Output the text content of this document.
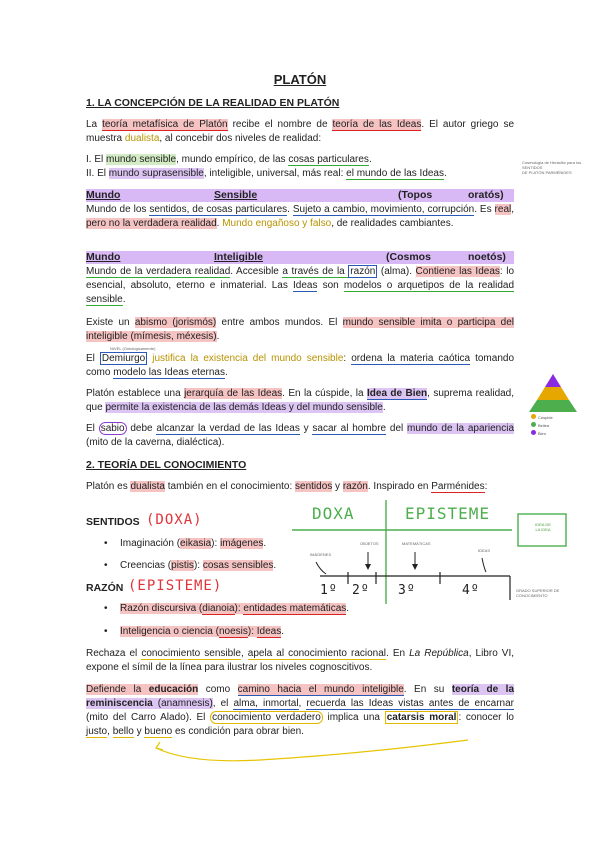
PLATÓN
1. LA CONCEPCIÓN DE LA REALIDAD EN PLATÓN
La teoría metafísica de Platón recibe el nombre de teoría de las Ideas. El autor griego se muestra dualista, al concebir dos niveles de realidad:
I. El mundo sensible, mundo empírico, de las cosas particulares.
II. El mundo suprasensible, inteligible, universal, más real: el mundo de las Ideas.
Cosmología de Heráclito para los SENTIDOS
DE PLATÓN PARMÉNIDES
Mundo	Sensible	(Topos	oratós)
Mundo de los sentidos, de cosas particulares. Sujeto a cambio, movimiento, corrupción. Es real, pero no la verdadera realidad. Mundo engañoso y falso, de realidades cambiantes.
Mundo	Inteligible	(Cosmos	noetós)
Mundo de la verdadera realidad. Accesible a través de la razón (alma). Contiene las Ideas: lo esencial, absoluto, eterno e inmaterial. Las Ideas son modelos o arquetipos de la realidad sensible.
Existe un abismo (jorismós) entre ambos mundos. El mundo sensible imita o participa del inteligible (mímesis, méxesis).
NIVEL (Ontológicamente)
El Demiurgo justifica la existencia del mundo sensible: ordena la materia caótica tomando como modelo las Ideas eternas.
Platón establece una jerarquía de las Ideas. En la cúspide, la Idea de Bien, suprema realidad, que permite la existencia de las demás Ideas y del mundo sensible.
El sabio debe alcanzar la verdad de las Ideas y sacar al hombre del mundo de la apariencia (mito de la caverna, dialéctica).
Cúspide
Bellea
Bien
2. TEORÍA DEL CONOCIMIENTO
Platón es dualista también en el conocimiento: sentidos y razón. Inspirado en Parménides:
SENTIDOS (DOXA)
• Imaginación (eikasia): imágenes.
• Creencias (pistis): cosas sensibles.
RAZÓN (EPISTEME)
• Razón discursiva (dianoia): entidades matemáticas.
• Inteligencia o ciencia (noesis): Ideas.
DOXA	EPISTEME
IDEA DE
LA IDEA
IMÁGENES
OBJETOS	MATEMÁTICAS
IDEAS
1º 2º 3º	4º	GRADO SUPERIOR DE
CONOCIMIENTO
Rechaza el conocimiento sensible, apela al conocimiento racional. En La República, Libro VI, expone el símil de la línea para ilustrar los niveles cognoscitivos.
Defiende la educación como camino hacia el mundo inteligible. En su teoría de la reminiscencia (anamnesis), el alma, inmortal, recuerda las Ideas vistas antes de encarnar (mito del Carro Alado). El conocimiento verdadero implica una catarsis moral : conocer lo justo, bello y bueno es condición para obrar bien.
